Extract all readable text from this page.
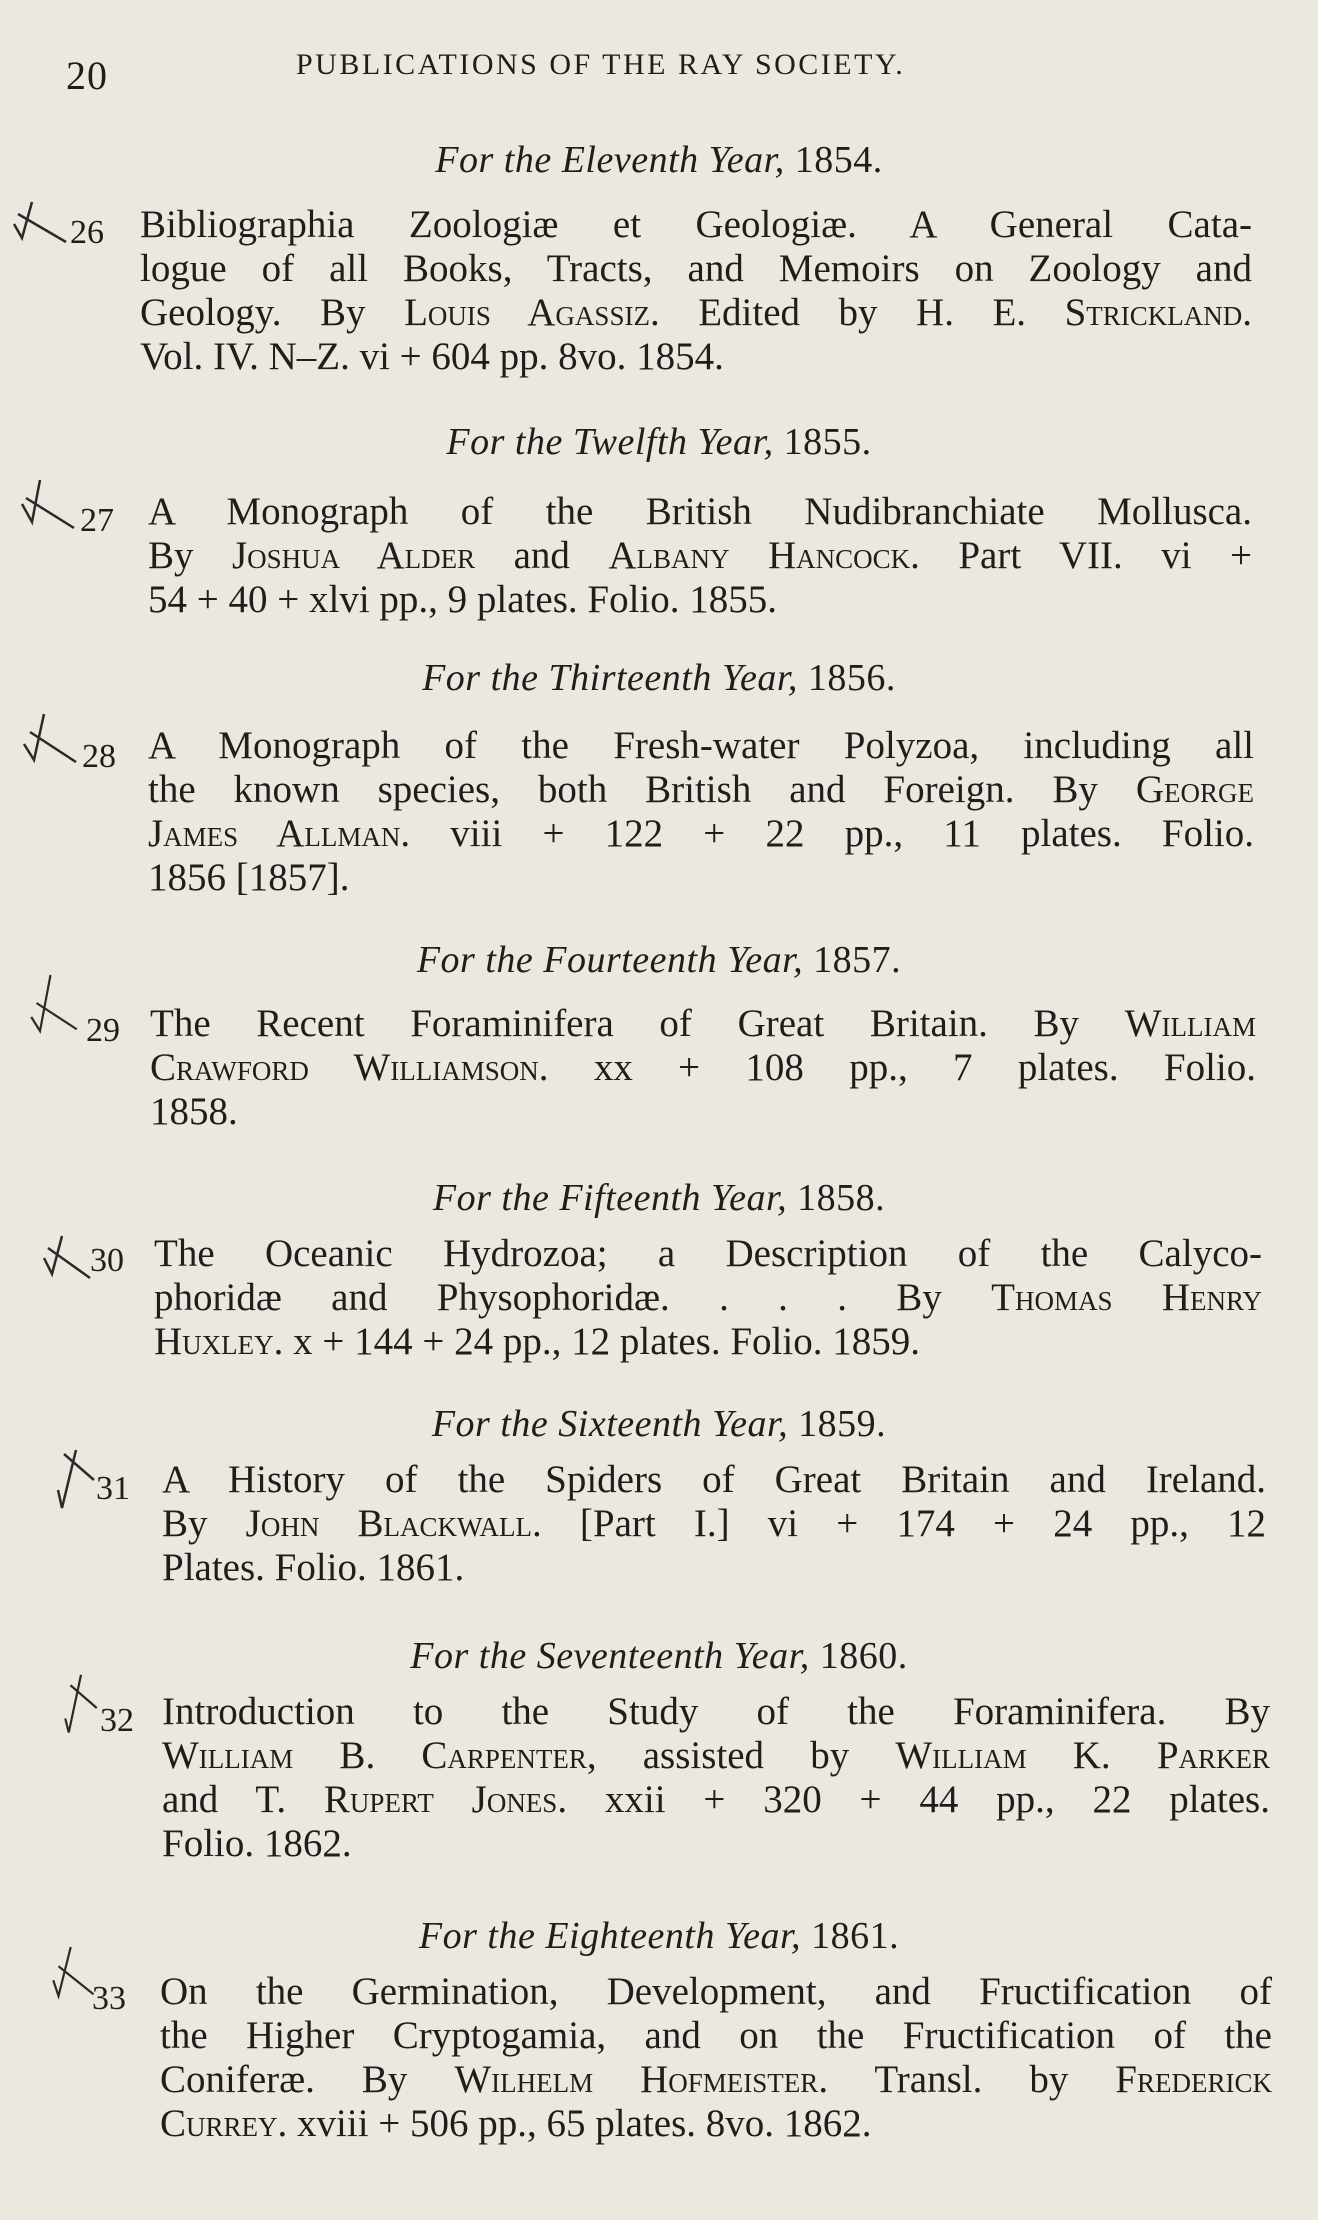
20	PUBLICATIONS OF THE RAY SOCIETY.
For the Eleventh Year, 1854.
26 Bibliographia Zoologiæ et Geologiæ. A General Cata-
logue of all Books, Tracts, and Memoirs on Zoology and
Geology. By Louis Agassiz. Edited by H. E. Strickland.
Vol. IV. N–Z. vi + 604 pp. 8vo. 1854.
For the Twelfth Year, 1855.
27 A Monograph of the British Nudibranchiate Mollusca.
By Joshua Alder and Albany Hancock. Part VII. vi +
54 + 40 + xlvi pp., 9 plates. Folio. 1855.
For the Thirteenth Year, 1856.
28 A Monograph of the Fresh-water Polyzoa, including all
the known species, both British and Foreign. By George
James Allman. viii + 122 + 22 pp., 11 plates. Folio.
1856 [1857].
For the Fourteenth Year, 1857.
29 The Recent Foraminifera of Great Britain. By William
Crawford Williamson. xx + 108 pp., 7 plates. Folio.
1858.
For the Fifteenth Year, 1858.
30 The Oceanic Hydrozoa; a Description of the Calyco-
phoridæ and Physophoridæ. . . . By Thomas Henry
Huxley. x + 144 + 24 pp., 12 plates. Folio. 1859.
For the Sixteenth Year, 1859.
31 A History of the Spiders of Great Britain and Ireland.
By John Blackwall. [Part I.] vi + 174 + 24 pp., 12
Plates. Folio. 1861.
For the Seventeenth Year, 1860.
32 Introduction to the Study of the Foraminifera. By
William B. Carpenter, assisted by William K. Parker
and T. Rupert Jones. xxii + 320 + 44 pp., 22 plates.
Folio. 1862.
For the Eighteenth Year, 1861.
33 On the Germination, Development, and Fructification of
the Higher Cryptogamia, and on the Fructification of the
Coniferæ. By Wilhelm Hofmeister. Transl. by Frederick
Currey. xviii + 506 pp., 65 plates. 8vo. 1862.
